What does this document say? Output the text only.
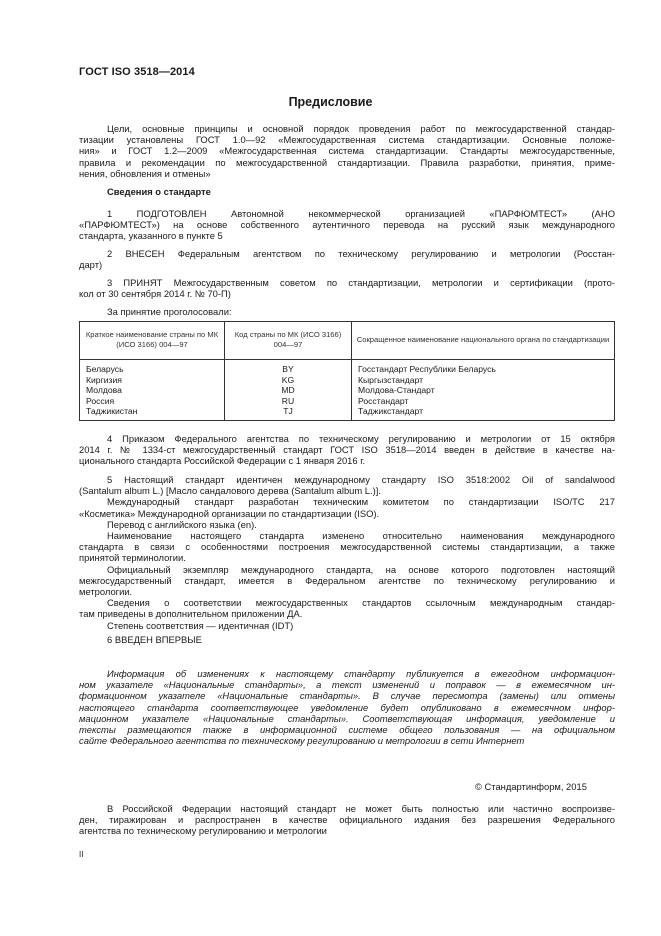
ГОСТ ISO 3518—2014
Предисловие
Цели, основные принципы и основной порядок проведения работ по межгосударственной стандар-
тизации установлены ГОСТ 1.0—92 «Межгосударственная система стандартизации. Основные положе-
ния» и ГОСТ 1.2—2009 «Межгосударственная система стандартизации. Стандарты межгосударственные,
правила и рекомендации по межгосударственной стандартизации. Правила разработки, принятия, приме-
нения, обновления и отмены»
Сведения о стандарте
1 ПОДГОТОВЛЕН Автономной некоммерческой организацией «ПАРФЮМТЕСТ» (АНО
«ПАРФЮМТЕСТ») на основе собственного аутентичного перевода на русский язык международного
стандарта, указанного в пункте 5
2 ВНЕСЕН Федеральным агентством по техническому регулированию и метрологии (Росстан-
дарт)
3 ПРИНЯТ Межгосударственным советом по стандартизации, метрологии и сертификации (прото-
кол от 30 сентября 2014 г. № 70-П)
За принятие проголосовали:
Краткое наименование страны по МК (ИСО 3166) 004—97	Код страны по МК (ИСО 3166) 004—97	Сокращенное наименование национального органа по стандартизации
Беларусь	BY	Госстандарт Республики Беларусь
Киргизия	KG	Кыргызстандарт
Молдова	MD	Молдова-Стандарт
Россия	RU	Росстандарт
Таджикистан	TJ	Таджикстандарт
4 Приказом Федерального агентства по техническому регулированию и метрологии от 15 октября
2014 г. № 1334-ст межгосударственный стандарт ГОСТ ISO 3518—2014 введен в действие в качестве на-
ционального стандарта Российской Федерации с 1 января 2016 г.
5 Настоящий стандарт идентичен международному стандарту ISO 3518:2002 Oil of sandalwood
(Santalum album L.) [Масло сандалового дерева (Santalum album L.)].
Международный стандарт разработан техническим комитетом по стандартизации ISO/TC 217
«Косметика» Международной организации по стандартизации (ISO).
Перевод с английского языка (en).
Наименование настоящего стандарта изменено относительно наименования международного
стандарта в связи с особенностями построения межгосударственной системы стандартизации, а также
принятой терминологии.
Официальный экземпляр международного стандарта, на основе которого подготовлен настоящий
межгосударственный стандарт, имеется в Федеральном агентстве по техническому регулированию и
метрологии.
Сведения о соответствии межгосударственных стандартов ссылочным международным стандар-
там приведены в дополнительном приложении ДА.
Степень соответствия — идентичная (IDT)
6 ВВЕДЕН ВПЕРВЫЕ
Информация об изменениях к настоящему стандарту публикуется в ежегодном информацион-
ном указателе «Национальные стандарты», а текст изменений и поправок — в ежемесячном ин-
формационном указателе «Национальные стандарты». В случае пересмотра (замены) или отмены
настоящего стандарта соответствующее уведомление будет опубликовано в ежемесячном инфор-
мационном указателе «Национальные стандарты». Соответствующая информация, уведомление и
тексты размещаются также в информационной системе общего пользования — на официальном
сайте Федерального агентства по техническому регулированию и метрологии в сети Интернет
© Стандартинформ, 2015
В Российской Федерации настоящий стандарт не может быть полностью или частично воспроизве-
ден, тиражирован и распространен в качестве официального издания без разрешения Федерального
агентства по техническому регулированию и метрологии
II
